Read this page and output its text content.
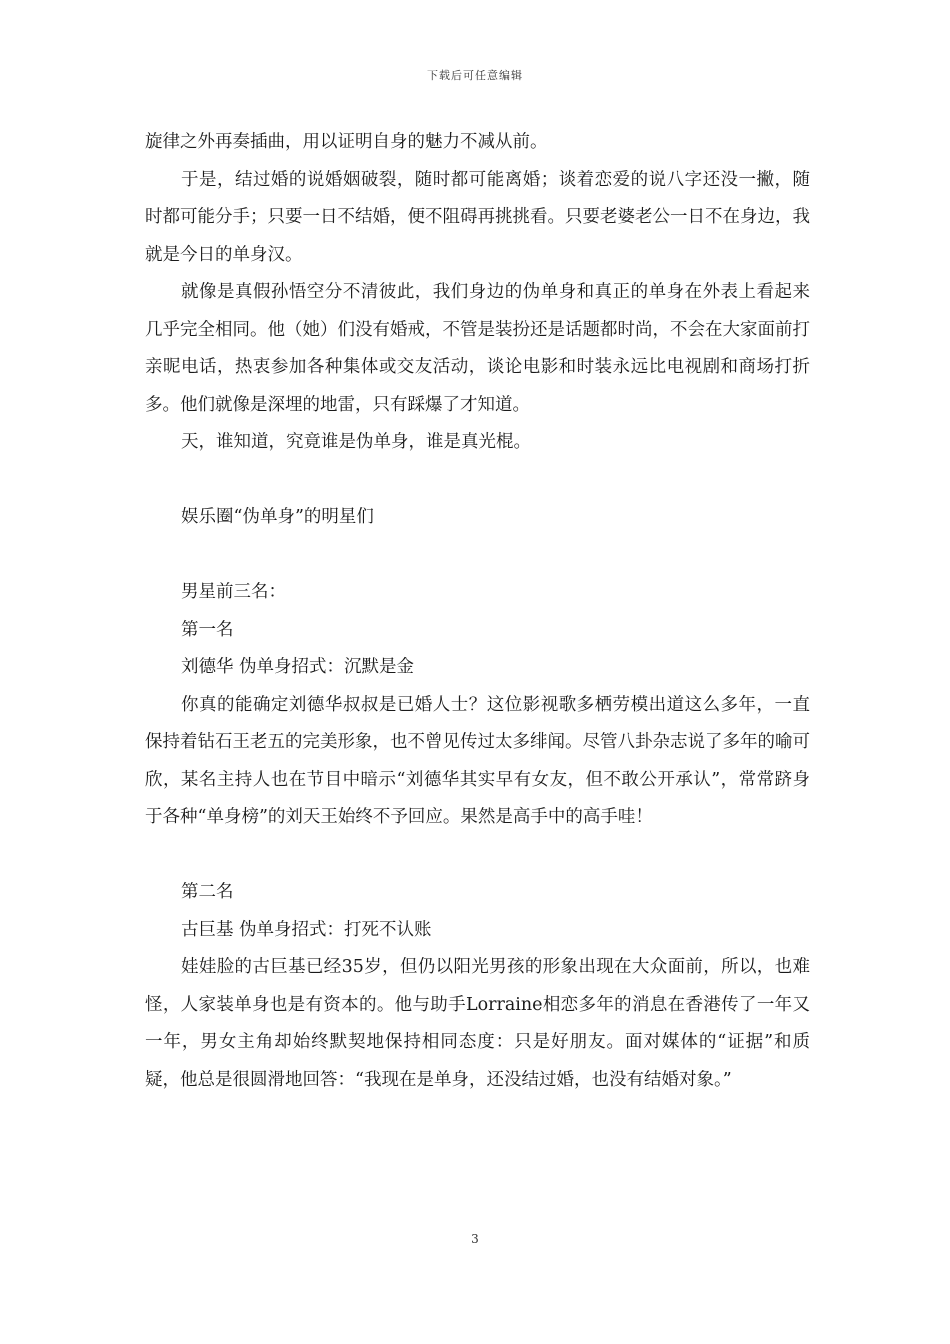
下载后可任意编辑

旋律之外再奏插曲，用以证明自身的魅力不减从前。

于是，结过婚的说婚姻破裂，随时都可能离婚；谈着恋爱的说八字还没一撇，随时都可能分手；只要一日不结婚，便不阻碍再挑挑看。只要老婆老公一日不在身边，我就是今日的单身汉。

就像是真假孙悟空分不清彼此，我们身边的伪单身和真正的单身在外表上看起来几乎完全相同。他（她）们没有婚戒，不管是装扮还是话题都时尚，不会在大家面前打亲昵电话，热衷参加各种集体或交友活动，谈论电影和时装永远比电视剧和商场打折多。他们就像是深埋的地雷，只有踩爆了才知道。

天，谁知道，究竟谁是伪单身，谁是真光棍。

娱乐圈“伪单身”的明星们

男星前三名：

第一名

刘德华 伪单身招式：沉默是金

你真的能确定刘德华叔叔是已婚人士？这位影视歌多栖劳模出道这么多年，一直保持着钻石王老五的完美形象，也不曾见传过太多绯闻。尽管八卦杂志说了多年的喻可欣，某名主持人也在节目中暗示“刘德华其实早有女友，但不敢公开承认”，常常跻身于各种“单身榜”的刘天王始终不予回应。果然是高手中的高手哇！

第二名

古巨基 伪单身招式：打死不认账

娃娃脸的古巨基已经35岁，但仍以阳光男孩的形象出现在大众面前，所以，也难怪，人家装单身也是有资本的。他与助手Lorraine相恋多年的消息在香港传了一年又一年，男女主角却始终默契地保持相同态度：只是好朋友。面对媒体的“证据”和质疑，他总是很圆滑地回答：“我现在是单身，还没结过婚，也没有结婚对象。”

3
